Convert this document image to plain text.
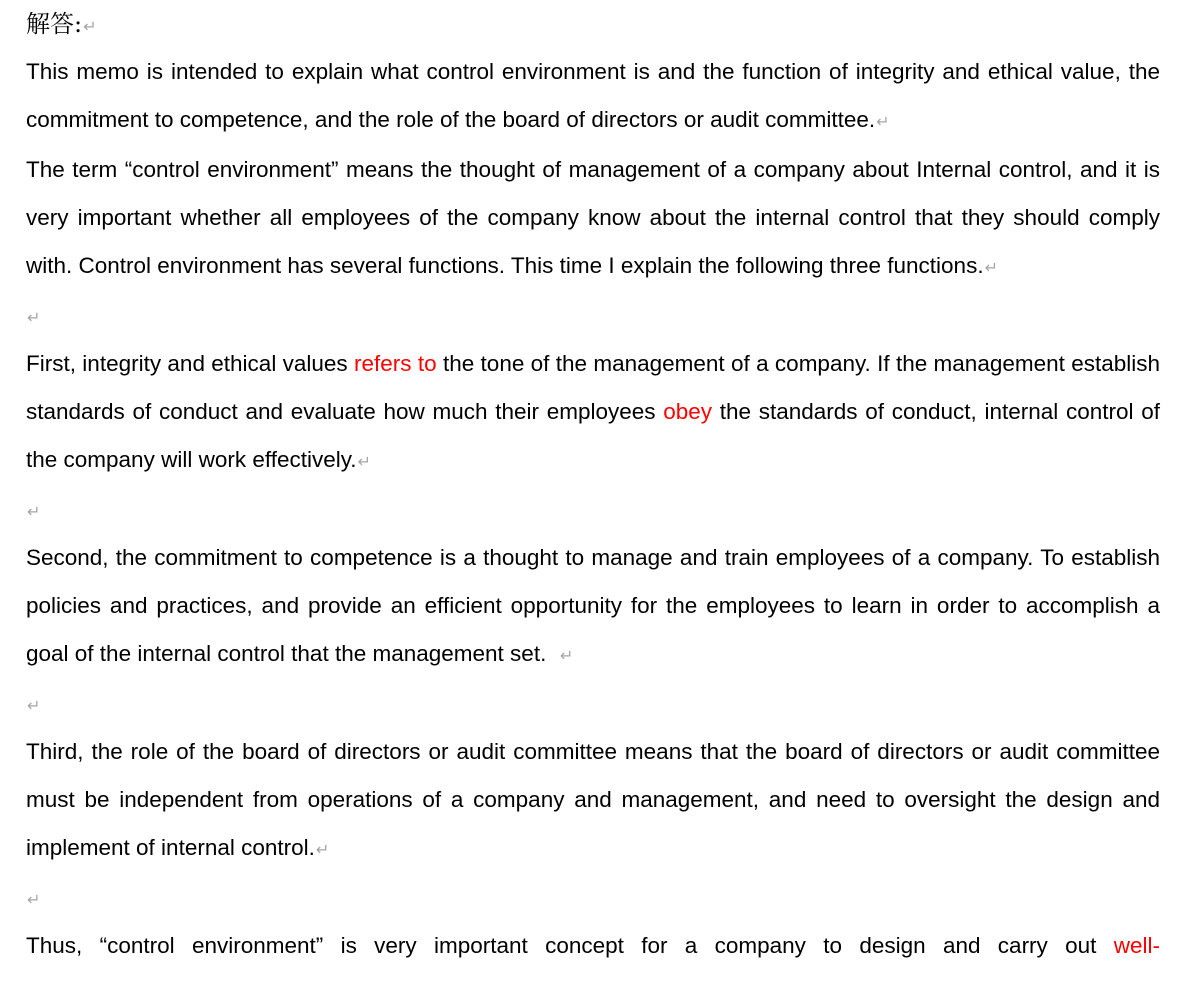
解答:↵

This memo is intended to explain what control environment is and the function of integrity and ethical value, the commitment to competence, and the role of the board of directors or audit committee.↵

The term “control environment” means the thought of management of a company about Internal control, and it is very important whether all employees of the company know about the internal control that they should comply with. Control environment has several functions. This time I explain the following three functions.↵

↵

First, integrity and ethical values refers to the tone of the management of a company. If the management establish standards of conduct and evaluate how much their employees obey the standards of conduct, internal control of the company will work effectively.↵

↵

Second, the commitment to competence is a thought to manage and train employees of a company. To establish policies and practices, and provide an efficient opportunity for the employees to learn in order to accomplish a goal of the internal control that the management set.  ↵

↵

Third, the role of the board of directors or audit committee means that the board of directors or audit committee must be independent from operations of a company and management, and need to oversight the design and implement of internal control.↵

↵

Thus, “control environment” is very important concept for a company to design and carry out well-
